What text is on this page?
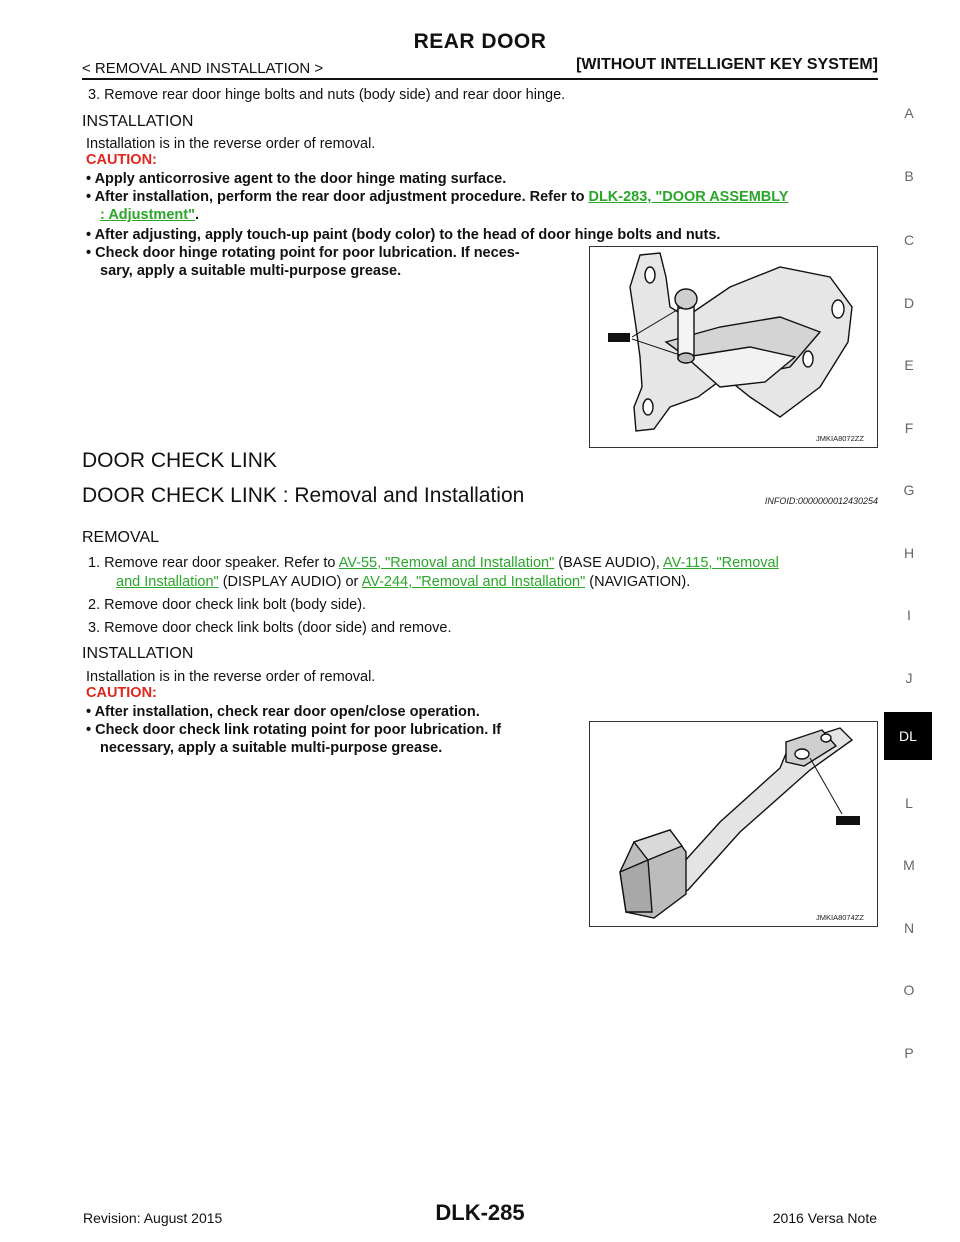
REAR DOOR
< REMOVAL AND INSTALLATION >	[WITHOUT INTELLIGENT KEY SYSTEM]
A
B
C
D
E
F
G
H
I
J
DL
L
M
N
O
P
3. Remove rear door hinge bolts and nuts (body side) and rear door hinge.
INSTALLATION
Installation is in the reverse order of removal.
CAUTION:
• Apply anticorrosive agent to the door hinge mating surface.
• After installation, perform the rear door adjustment procedure. Refer to DLK-283, "DOOR ASSEMBLY
: Adjustment".
• After adjusting, apply touch-up paint (body color) to the head of door hinge bolts and nuts.
• Check door hinge rotating point for poor lubrication. If neces-
sary, apply a suitable multi-purpose grease.
JMKIA8072ZZ
DOOR CHECK LINK
DOOR CHECK LINK : Removal and Installation	INFOID:0000000012430254
REMOVAL
1. Remove rear door speaker. Refer to AV-55, "Removal and Installation" (BASE AUDIO), AV-115, "Removal
and Installation" (DISPLAY AUDIO) or AV-244, "Removal and Installation" (NAVIGATION).
2. Remove door check link bolt (body side).
3. Remove door check link bolts (door side) and remove.
INSTALLATION
Installation is in the reverse order of removal.
CAUTION:
• After installation, check rear door open/close operation.
• Check door check link rotating point for poor lubrication. If
necessary, apply a suitable multi-purpose grease.
JMKIA8074ZZ
Revision: August 2015	DLK-285	2016 Versa Note
